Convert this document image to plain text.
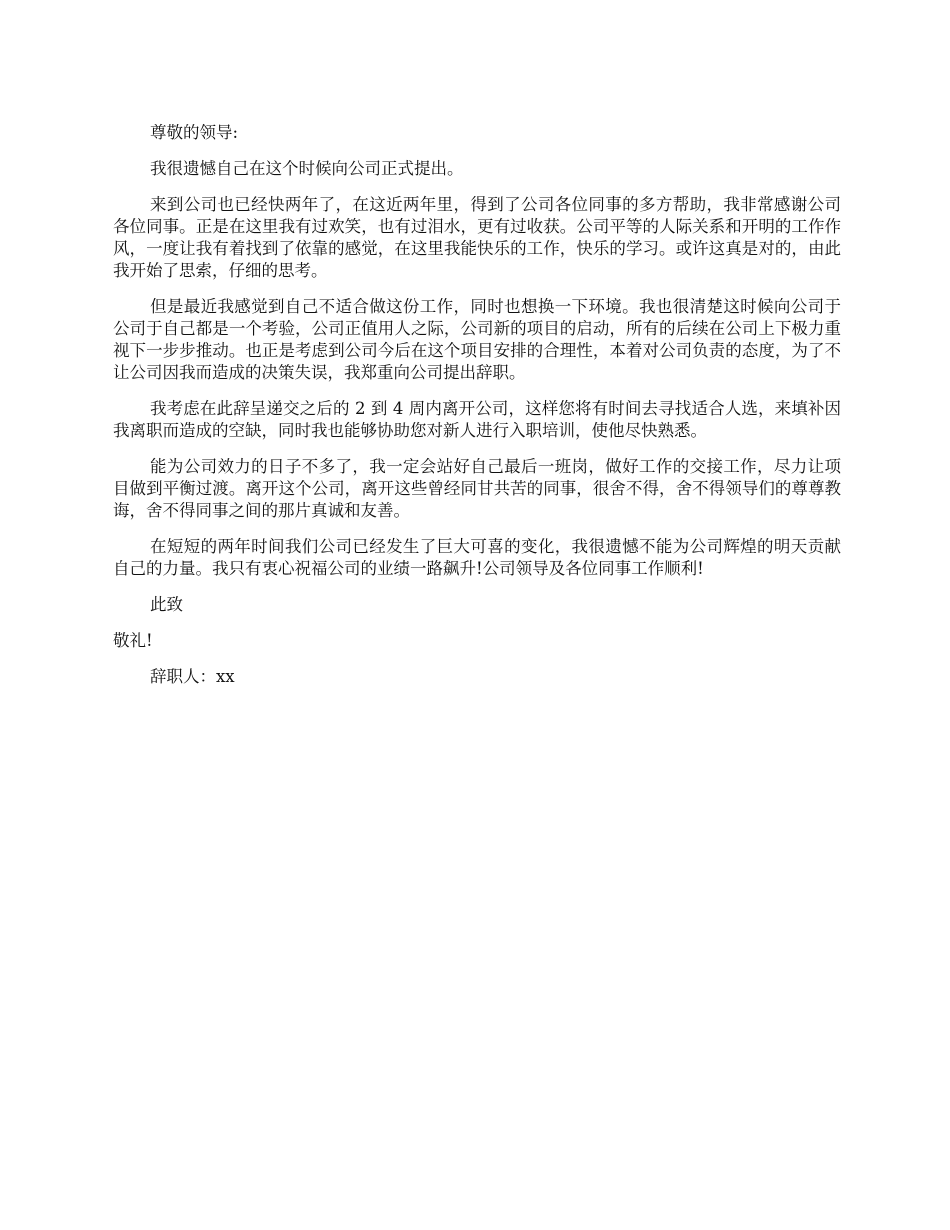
尊敬的领导:

我很遗憾自己在这个时候向公司正式提出。

来到公司也已经快两年了，在这近两年里，得到了公司各位同事的多方帮助，我非常感谢公司各位同事。正是在这里我有过欢笑，也有过泪水，更有过收获。公司平等的人际关系和开明的工作作风，一度让我有着找到了依靠的感觉，在这里我能快乐的工作，快乐的学习。或许这真是对的，由此我开始了思索，仔细的思考。

但是最近我感觉到自己不适合做这份工作，同时也想换一下环境。我也很清楚这时候向公司于公司于自己都是一个考验，公司正值用人之际，公司新的项目的启动，所有的后续在公司上下极力重视下一步步推动。也正是考虑到公司今后在这个项目安排的合理性，本着对公司负责的态度，为了不让公司因我而造成的决策失误，我郑重向公司提出辞职。

我考虑在此辞呈递交之后的 2 到 4 周内离开公司，这样您将有时间去寻找适合人选，来填补因我离职而造成的空缺，同时我也能够协助您对新人进行入职培训，使他尽快熟悉。

能为公司效力的日子不多了，我一定会站好自己最后一班岗，做好工作的交接工作，尽力让项目做到平衡过渡。离开这个公司，离开这些曾经同甘共苦的同事，很舍不得，舍不得领导们的尊尊教诲，舍不得同事之间的那片真诚和友善。

在短短的两年时间我们公司已经发生了巨大可喜的变化，我很遗憾不能为公司辉煌的明天贡献自己的力量。我只有衷心祝福公司的业绩一路飙升!公司领导及各位同事工作顺利!

此致

敬礼!

辞职人：xx
